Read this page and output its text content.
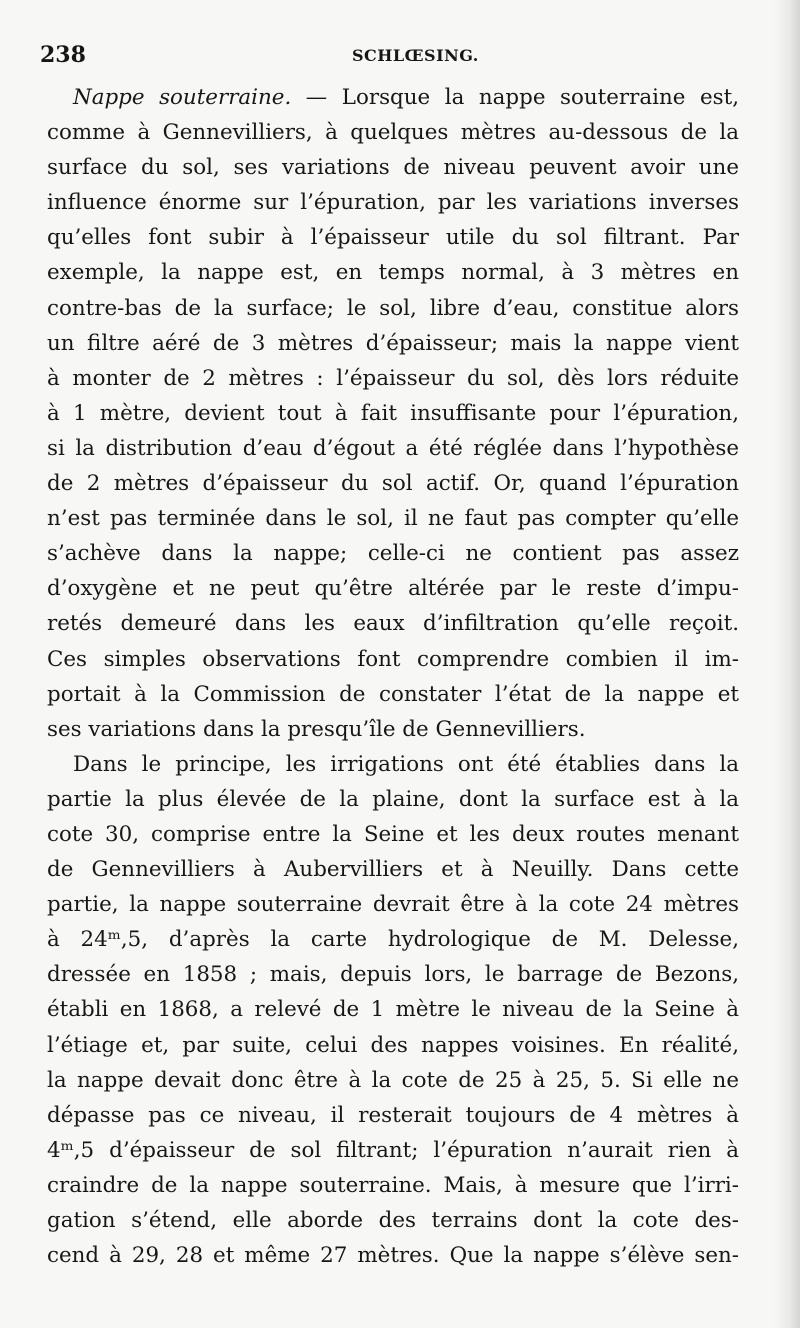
238	SCHLŒSING.
Nappe souterraine. — Lorsque la nappe souterraine est,
comme à Gennevilliers, à quelques mètres au-dessous de la
surface du sol, ses variations de niveau peuvent avoir une
influence énorme sur l’épuration, par les variations inverses
qu’elles font subir à l’épaisseur utile du sol filtrant. Par
exemple, la nappe est, en temps normal, à 3 mètres en
contre-bas de la surface; le sol, libre d’eau, constitue alors
un filtre aéré de 3 mètres d’épaisseur; mais la nappe vient
à monter de 2 mètres : l’épaisseur du sol, dès lors réduite
à 1 mètre, devient tout à fait insuffisante pour l’épuration,
si la distribution d’eau d’égout a été réglée dans l’hypothèse
de 2 mètres d’épaisseur du sol actif. Or, quand l’épuration
n’est pas terminée dans le sol, il ne faut pas compter qu’elle
s’achève dans la nappe; celle-ci ne contient pas assez
d’oxygène et ne peut qu’être altérée par le reste d’impu-
retés demeuré dans les eaux d’infiltration qu’elle reçoit.
Ces simples observations font comprendre combien il im-
portait à la Commission de constater l’état de la nappe et
ses variations dans la presqu’île de Gennevilliers.
Dans le principe, les irrigations ont été établies dans la
partie la plus élevée de la plaine, dont la surface est à la
cote 30, comprise entre la Seine et les deux routes menant
de Gennevilliers à Aubervilliers et à Neuilly. Dans cette
partie, la nappe souterraine devrait être à la cote 24 mètres
à 24ᵐ,5, d’après la carte hydrologique de M. Delesse,
dressée en 1858 ; mais, depuis lors, le barrage de Bezons,
établi en 1868, a relevé de 1 mètre le niveau de la Seine à
l’étiage et, par suite, celui des nappes voisines. En réalité,
la nappe devait donc être à la cote de 25 à 25, 5. Si elle ne
dépasse pas ce niveau, il resterait toujours de 4 mètres à
4ᵐ,5 d’épaisseur de sol filtrant; l’épuration n’aurait rien à
craindre de la nappe souterraine. Mais, à mesure que l’irri-
gation s’étend, elle aborde des terrains dont la cote des-
cend à 29, 28 et même 27 mètres. Que la nappe s’élève sen-
